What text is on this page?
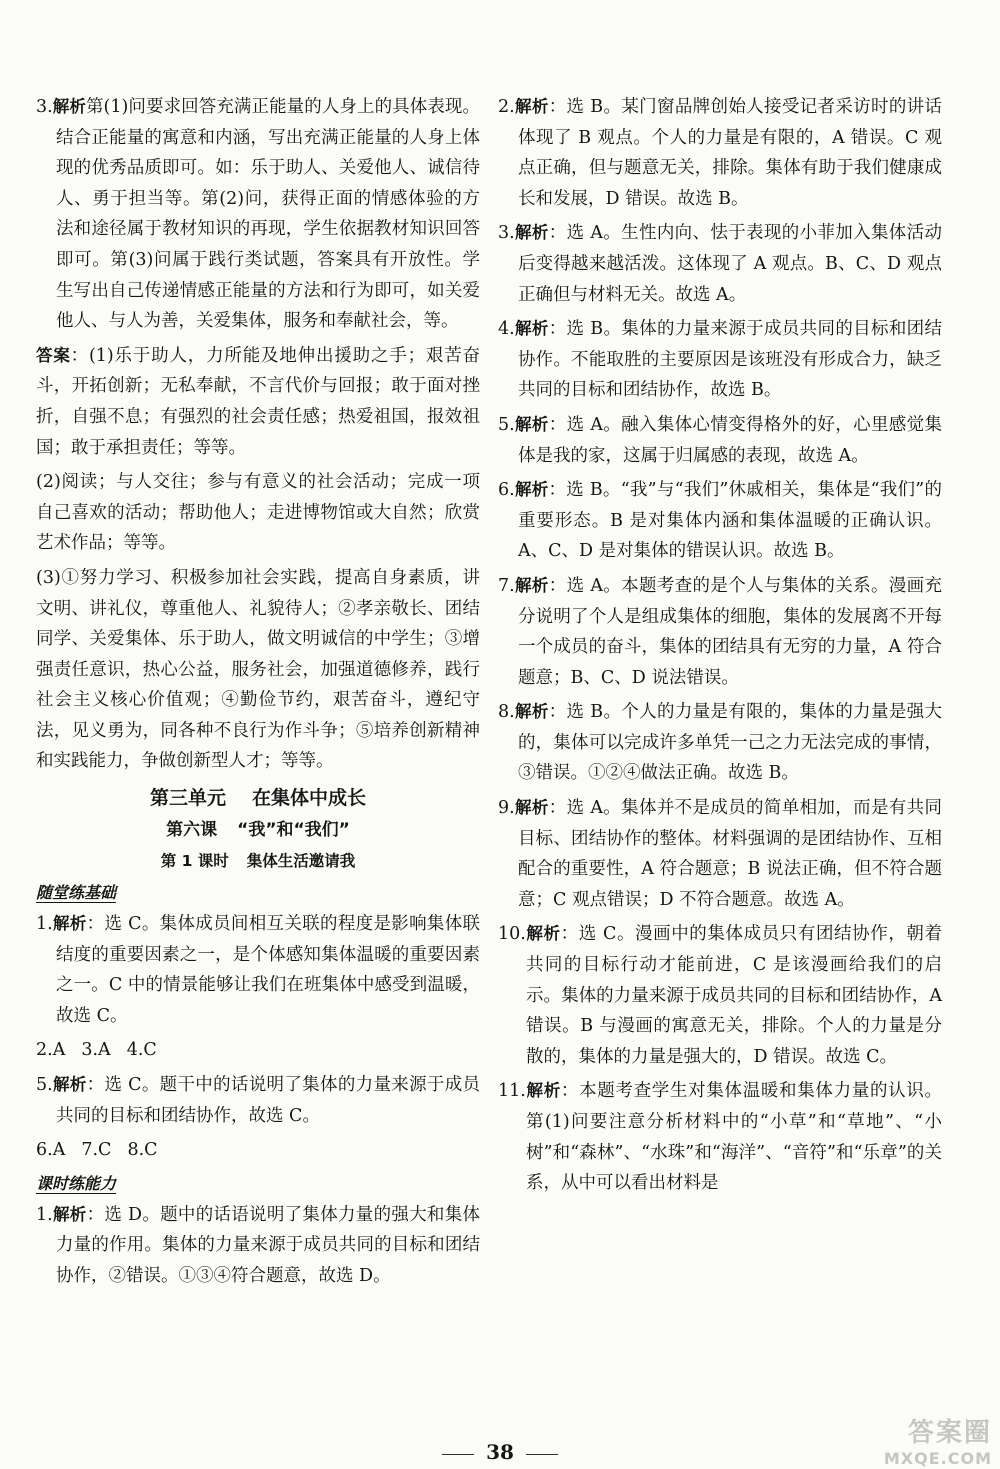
3.解析第(1)问要求回答充满正能量的人身上的具体表现。结合正能量的寓意和内涵，写出充满正能量的人身上体现的优秀品质即可。如：乐于助人、关爱他人、诚信待人、勇于担当等。第(2)问，获得正面的情感体验的方法和途径属于教材知识的再现，学生依据教材知识回答即可。第(3)问属于践行类试题，答案具有开放性。学生写出自己传递情感正能量的方法和行为即可，如关爱他人、与人为善，关爱集体，服务和奉献社会，等。

答案：(1)乐于助人，力所能及地伸出援助之手；艰苦奋斗，开拓创新；无私奉献，不言代价与回报；敢于面对挫折，自强不息；有强烈的社会责任感；热爱祖国，报效祖国；敢于承担责任；等等。

(2)阅读；与人交往；参与有意义的社会活动；完成一项自己喜欢的活动；帮助他人；走进博物馆或大自然；欣赏艺术作品；等等。

(3)①努力学习、积极参加社会实践，提高自身素质，讲文明、讲礼仪，尊重他人、礼貌待人；②孝亲敬长、团结同学、关爱集体、乐于助人，做文明诚信的中学生；③增强责任意识，热心公益，服务社会，加强道德修养，践行社会主义核心价值观；④勤俭节约，艰苦奋斗，遵纪守法，见义勇为，同各种不良行为作斗争；⑤培养创新精神和实践能力，争做创新型人才；等等。

第三单元 在集体中成长
第六课 “我”和“我们”
第 1 课时 集体生活邀请我
随堂练基础

1.解析：选 C。集体成员间相互关联的程度是影响集体联结度的重要因素之一，是个体感知集体温暖的重要因素之一。C 中的情景能够让我们在班集体中感受到温暖，故选 C。

2.A 3.A 4.C

5.解析：选 C。题干中的话说明了集体的力量来源于成员共同的目标和团结协作，故选 C。

6.A 7.C 8.C
课时练能力

1.解析：选 D。题中的话语说明了集体力量的强大和集体力量的作用。集体的力量来源于成员共同的目标和团结协作，②错误。①③④符合题意，故选 D。

2.解析：选 B。某门窗品牌创始人接受记者采访时的讲话体现了 B 观点。个人的力量是有限的，A 错误。C 观点正确，但与题意无关，排除。集体有助于我们健康成长和发展，D 错误。故选 B。

3.解析：选 A。生性内向、怯于表现的小菲加入集体活动后变得越来越活泼。这体现了 A 观点。B、C、D 观点正确但与材料无关。故选 A。

4.解析：选 B。集体的力量来源于成员共同的目标和团结协作。不能取胜的主要原因是该班没有形成合力，缺乏共同的目标和团结协作，故选 B。

5.解析：选 A。融入集体心情变得格外的好，心里感觉集体是我的家，这属于归属感的表现，故选 A。

6.解析：选 B。“我”与“我们”休戚相关，集体是“我们”的重要形态。B 是对集体内涵和集体温暖的正确认识。A、C、D 是对集体的错误认识。故选 B。

7.解析：选 A。本题考查的是个人与集体的关系。漫画充分说明了个人是组成集体的细胞，集体的发展离不开每一个成员的奋斗，集体的团结具有无穷的力量，A 符合题意；B、C、D 说法错误。

8.解析：选 B。个人的力量是有限的，集体的力量是强大的，集体可以完成许多单凭一己之力无法完成的事情，③错误。①②④做法正确。故选 B。

9.解析：选 A。集体并不是成员的简单相加，而是有共同目标、团结协作的整体。材料强调的是团结协作、互相配合的重要性，A 符合题意；B 说法正确，但不符合题意；C 观点错误；D 不符合题意。故选 A。

10.解析：选 C。漫画中的集体成员只有团结协作，朝着共同的目标行动才能前进，C 是该漫画给我们的启示。集体的力量来源于成员共同的目标和团结协作，A 错误。B 与漫画的寓意无关，排除。个人的力量是分散的，集体的力量是强大的，D 错误。故选 C。

11.解析：本题考查学生对集体温暖和集体力量的认识。第(1)问要注意分析材料中的“小草”和“草地”、“小树”和“森林”、“水珠”和“海洋”、“音符”和“乐章”的关系，从中可以看出材料是

38
答案圈
MXQE.COM
